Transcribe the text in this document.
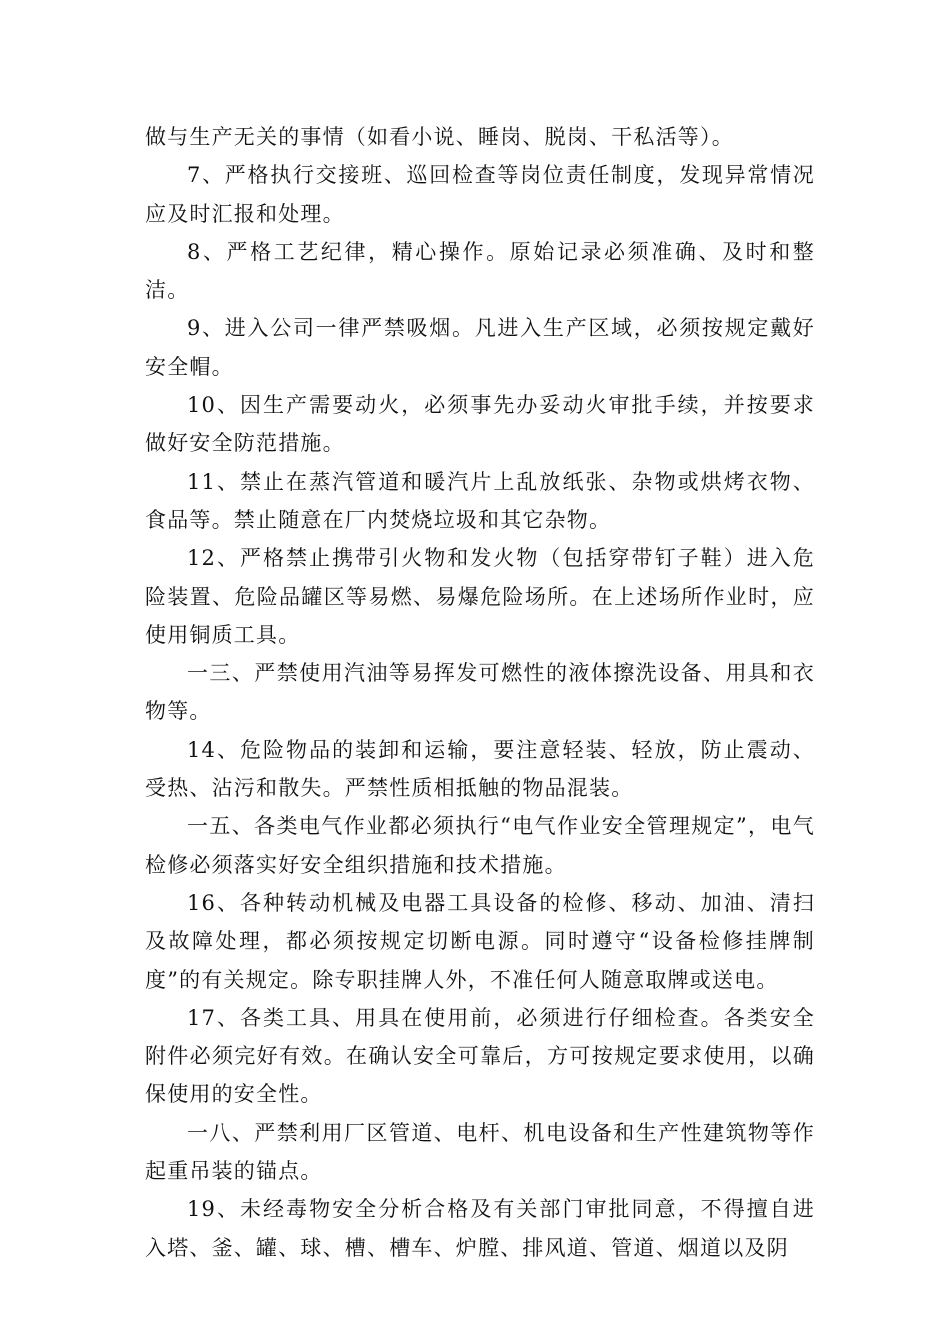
做与生产无关的事情（如看小说、睡岗、脱岗、干私活等）。

7、严格执行交接班、巡回检查等岗位责任制度，发现异常情况应及时汇报和处理。

8、严格工艺纪律，精心操作。原始记录必须准确、及时和整洁。

9、进入公司一律严禁吸烟。凡进入生产区域，必须按规定戴好安全帽。

10、因生产需要动火，必须事先办妥动火审批手续，并按要求做好安全防范措施。

11、禁止在蒸汽管道和暖汽片上乱放纸张、杂物或烘烤衣物、食品等。禁止随意在厂内焚烧垃圾和其它杂物。

12、严格禁止携带引火物和发火物（包括穿带钉子鞋）进入危险装置、危险品罐区等易燃、易爆危险场所。在上述场所作业时，应使用铜质工具。

一三、严禁使用汽油等易挥发可燃性的液体擦洗设备、用具和衣物等。

14、危险物品的装卸和运输，要注意轻装、轻放，防止震动、受热、沾污和散失。严禁性质相抵触的物品混装。

一五、各类电气作业都必须执行“电气作业安全管理规定”，电气检修必须落实好安全组织措施和技术措施。

16、各种转动机械及电器工具设备的检修、移动、加油、清扫及故障处理，都必须按规定切断电源。同时遵守“设备检修挂牌制度”的有关规定。除专职挂牌人外，不准任何人随意取牌或送电。

17、各类工具、用具在使用前，必须进行仔细检查。各类安全附件必须完好有效。在确认安全可靠后，方可按规定要求使用，以确保使用的安全性。

一八、严禁利用厂区管道、电杆、机电设备和生产性建筑物等作起重吊装的锚点。

19、未经毒物安全分析合格及有关部门审批同意，不得擅自进入塔、釜、罐、球、槽、槽车、炉膛、排风道、管道、烟道以及阴
